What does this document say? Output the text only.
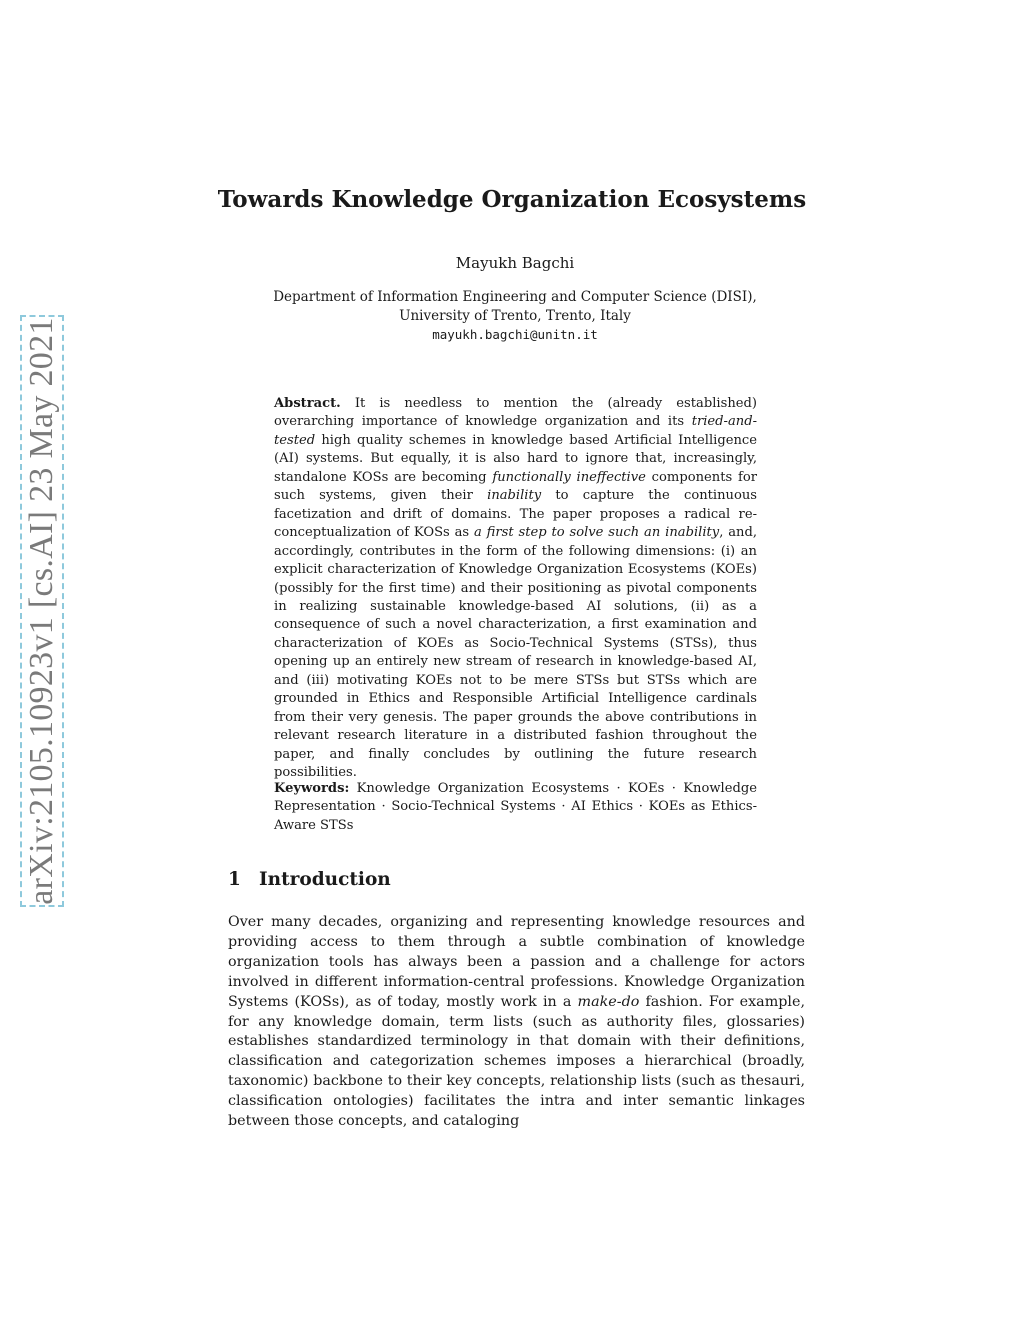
arXiv:2105.10923v1 [cs.AI] 23 May 2021
Towards Knowledge Organization Ecosystems
Mayukh Bagchi
Department of Information Engineering and Computer Science (DISI),
University of Trento, Trento, Italy
mayukh.bagchi@unitn.it

Abstract. It is needless to mention the (already established) overarching importance of knowledge organization and its tried-and-tested high quality schemes in knowledge based Artificial Intelligence (AI) systems. But equally, it is also hard to ignore that, increasingly, standalone KOSs are becoming functionally ineffective components for such systems, given their inability to capture the continuous facetization and drift of domains. The paper proposes a radical re-conceptualization of KOSs as a first step to solve such an inability, and, accordingly, contributes in the form of the following dimensions: (i) an explicit characterization of Knowledge Organization Ecosystems (KOEs) (possibly for the first time) and their positioning as pivotal components in realizing sustainable knowledge-based AI solutions, (ii) as a consequence of such a novel characterization, a first examination and characterization of KOEs as Socio-Technical Systems (STSs), thus opening up an entirely new stream of research in knowledge-based AI, and (iii) motivating KOEs not to be mere STSs but STSs which are grounded in Ethics and Responsible Artificial Intelligence cardinals from their very genesis. The paper grounds the above contributions in relevant research literature in a distributed fashion throughout the paper, and finally concludes by outlining the future research possibilities.

Keywords: Knowledge Organization Ecosystems · KOEs · Knowledge Representation · Socio-Technical Systems · AI Ethics · KOEs as Ethics-Aware STSs

1 Introduction

Over many decades, organizing and representing knowledge resources and providing access to them through a subtle combination of knowledge organization tools has always been a passion and a challenge for actors involved in different information-central professions. Knowledge Organization Systems (KOSs), as of today, mostly work in a make-do fashion. For example, for any knowledge domain, term lists (such as authority files, glossaries) establishes standardized terminology in that domain with their definitions, classification and categorization schemes imposes a hierarchical (broadly, taxonomic) backbone to their key concepts, relationship lists (such as thesauri, classification ontologies) facilitates the intra and inter semantic linkages between those concepts, and cataloging
